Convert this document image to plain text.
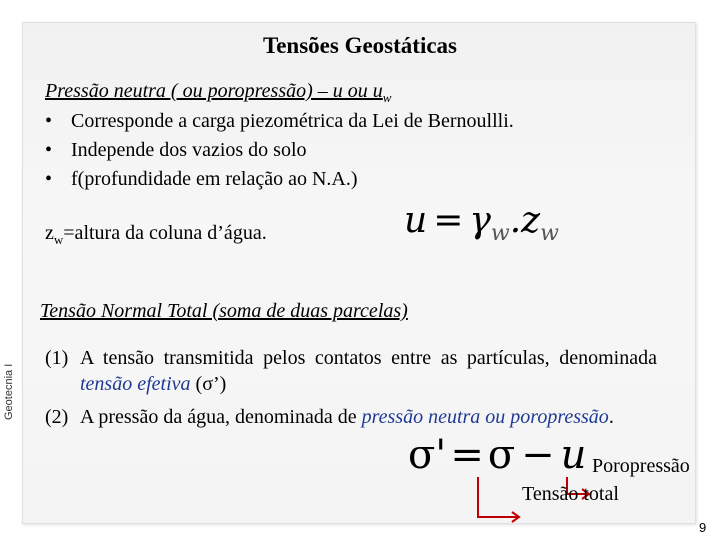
Geotecnia I
Tensões Geostáticas
Pressão neutra ( ou poropressão) – u ou $u_w$
• Corresponde a carga piezométrica da Lei de Bernoullli.
• Independe dos vazios do solo
• f(profundidade em relação ao N.A.)
$z_w=altura$ da coluna d’água.	$u = \gamma_w.z_w$
Tensão Normal Total (soma de duas parcelas)
(1) A tensão transmitida pelos contatos entre as partículas, denominada tensão efetiva (σ’)
(2) A pressão da água, denominada de pressão neutra ou poropressão.
σ' = σ − u Poropressão
Tensão total
9
